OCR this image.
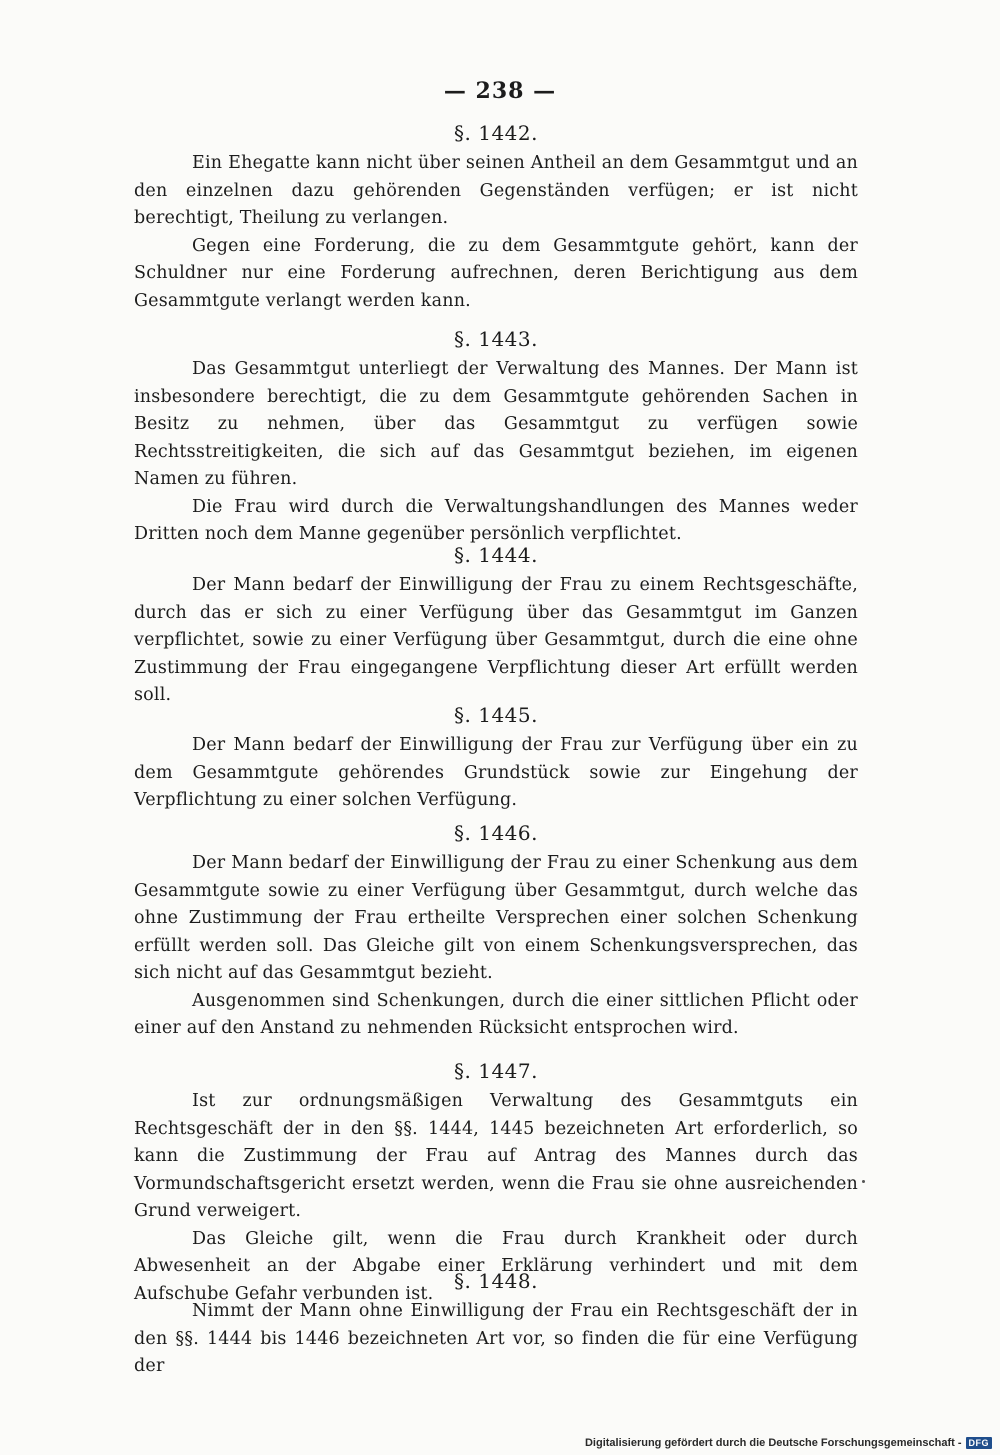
— 238 —
§. 1442.

Ein Ehegatte kann nicht über seinen Antheil an dem Gesammtgut und an den einzelnen dazu gehörenden Gegenständen verfügen; er ist nicht berechtigt, Theilung zu verlangen.

Gegen eine Forderung, die zu dem Gesammtgute gehört, kann der Schuldner nur eine Forderung aufrechnen, deren Berichtigung aus dem Gesammtgute verlangt werden kann.

§. 1443.

Das Gesammtgut unterliegt der Verwaltung des Mannes. Der Mann ist insbesondere berechtigt, die zu dem Gesammtgute gehörenden Sachen in Besitz zu nehmen, über das Gesammtgut zu verfügen sowie Rechtsstreitigkeiten, die sich auf das Gesammtgut beziehen, im eigenen Namen zu führen.

Die Frau wird durch die Verwaltungshandlungen des Mannes weder Dritten noch dem Manne gegenüber persönlich verpflichtet.

§. 1444.

Der Mann bedarf der Einwilligung der Frau zu einem Rechtsgeschäfte, durch das er sich zu einer Verfügung über das Gesammtgut im Ganzen verpflichtet, sowie zu einer Verfügung über Gesammtgut, durch die eine ohne Zustimmung der Frau eingegangene Verpflichtung dieser Art erfüllt werden soll.

§. 1445.

Der Mann bedarf der Einwilligung der Frau zur Verfügung über ein zu dem Gesammtgute gehörendes Grundstück sowie zur Eingehung der Verpflichtung zu einer solchen Verfügung.

§. 1446.

Der Mann bedarf der Einwilligung der Frau zu einer Schenkung aus dem Gesammtgute sowie zu einer Verfügung über Gesammtgut, durch welche das ohne Zustimmung der Frau ertheilte Versprechen einer solchen Schenkung erfüllt werden soll. Das Gleiche gilt von einem Schenkungsversprechen, das sich nicht auf das Gesammtgut bezieht.

Ausgenommen sind Schenkungen, durch die einer sittlichen Pflicht oder einer auf den Anstand zu nehmenden Rücksicht entsprochen wird.

§. 1447.

Ist zur ordnungsmäßigen Verwaltung des Gesammtguts ein Rechtsgeschäft der in den §§. 1444, 1445 bezeichneten Art erforderlich, so kann die Zustimmung der Frau auf Antrag des Mannes durch das Vormundschaftsgericht ersetzt werden, wenn die Frau sie ohne ausreichenden Grund verweigert.

Das Gleiche gilt, wenn die Frau durch Krankheit oder durch Abwesenheit an der Abgabe einer Erklärung verhindert und mit dem Aufschube Gefahr verbunden ist.

§. 1448.

Nimmt der Mann ohne Einwilligung der Frau ein Rechtsgeschäft der in den §§. 1444 bis 1446 bezeichneten Art vor, so finden die für eine Verfügung der

Digitalisierung gefördert durch die Deutsche Forschungsgemeinschaft - DFG
